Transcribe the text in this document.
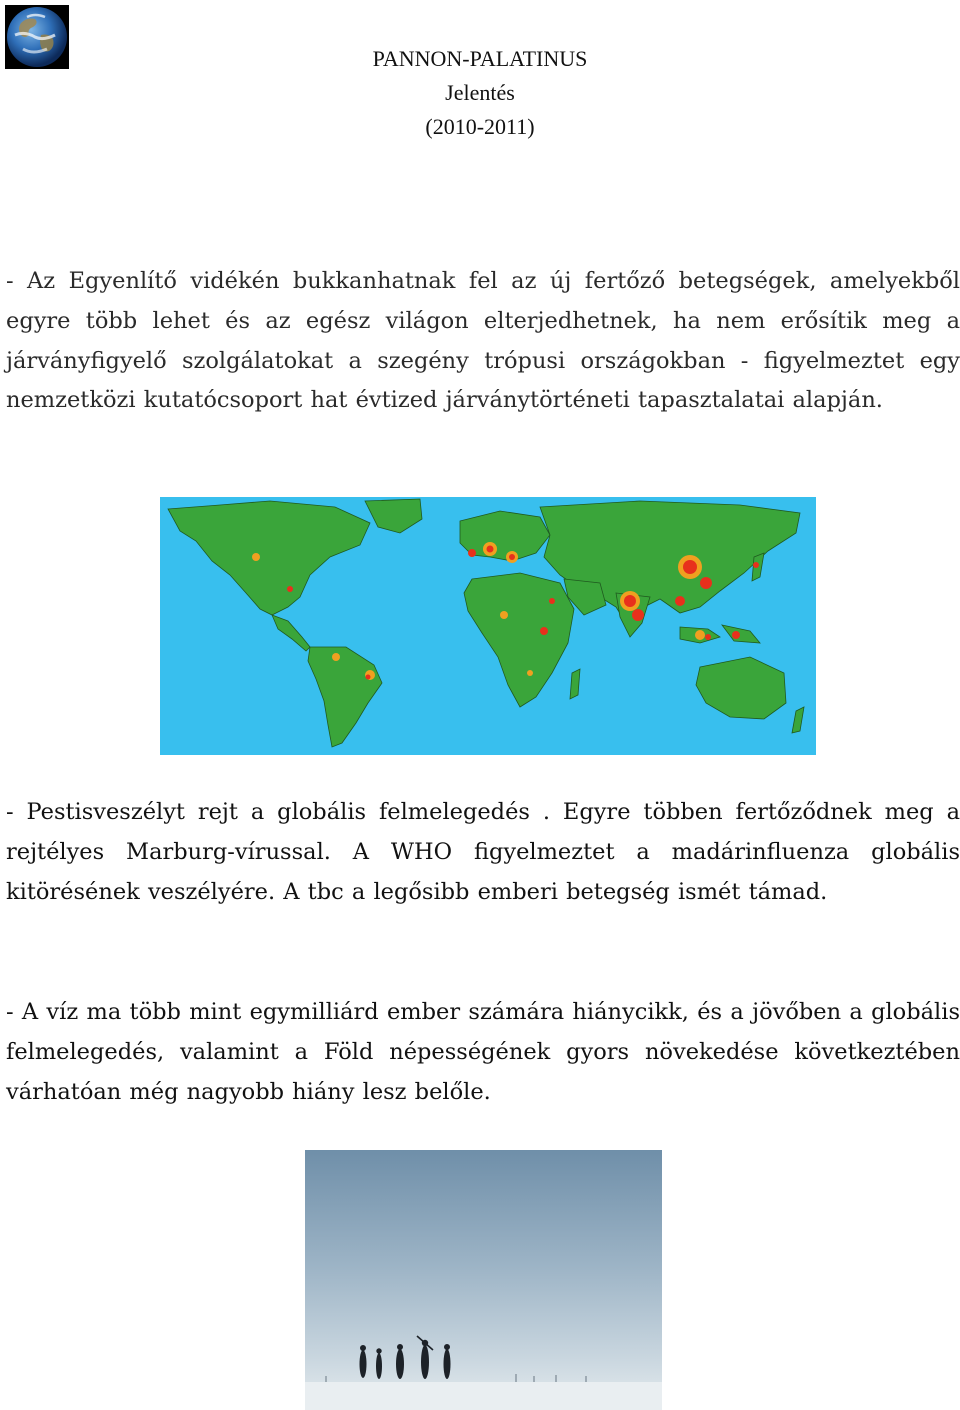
PANNON-PALATINUS
Jelentés
(2010-2011)

- Az Egyenlítő vidékén bukkanhatnak fel az új fertőző betegségek, amelyekből egyre több lehet és az egész világon elterjedhetnek, ha nem erősítik meg a járványfigyelő szolgálatokat a szegény trópusi országokban - figyelmeztet egy nemzetközi kutatócsoport hat évtized járványtörténeti tapasztalatai alapján.

- Pestisveszélyt rejt a globális felmelegedés . Egyre többen fertőződnek meg a rejtélyes Marburg-vírussal. A WHO figyelmeztet a madárinfluenza globális kitörésének veszélyére. A tbc a legősibb emberi betegség ismét támad.

- A víz ma több mint egymilliárd ember számára hiánycikk, és a jövőben a globális felmelegedés, valamint a Föld népességének gyors növekedése következtében várhatóan még nagyobb hiány lesz belőle.
